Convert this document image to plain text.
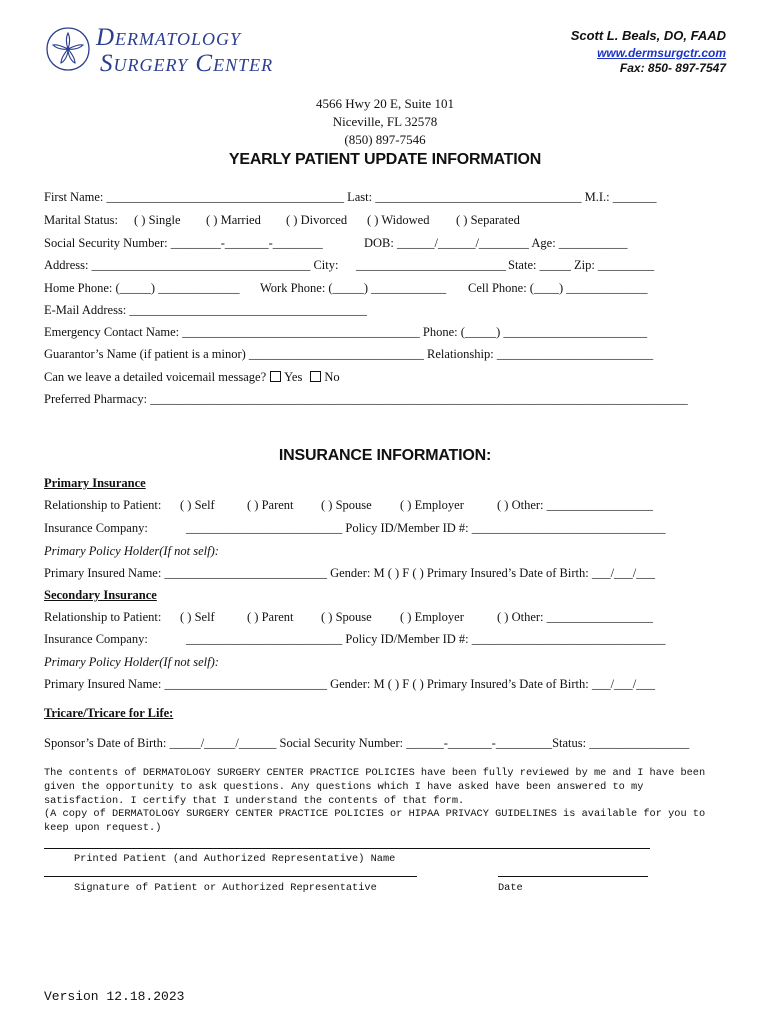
Dermatology
Surgery Center
Scott L. Beals, DO, FAAD
www.dermsurgctr.com
Fax: 850- 897-7547
4566 Hwy 20 E, Suite 101
Niceville, FL 32578
(850) 897-7546
YEARLY PATIENT UPDATE INFORMATION
First Name: ______________________________________ Last: _________________________________ M.I.: _______
Marital Status: ( ) Single ( ) Married ( ) Divorced ( ) Widowed ( ) Separated
Social Security Number: ________-_______-________	DOB: ______/______/________ Age: ___________
Address: ___________________________________ City: ________________________ State: _____ Zip: _________
Home Phone: (_____) _____________ Work Phone: (_____) ____________ Cell Phone: (____) _____________
E-Mail Address: ______________________________________
Emergency Contact Name: ______________________________________ Phone: (_____) _______________________
Guarantor’s Name (if patient is a minor) ____________________________ Relationship: _________________________
Can we leave a detailed voicemail message? Yes No
Preferred Pharmacy: ______________________________________________________________________________________
INSURANCE INFORMATION:
Primary Insurance
Relationship to Patient: ( ) Self	( ) Parent ( ) Spouse ( ) Employer	( ) Other: _________________
Insurance Company:	_________________________ Policy ID/Member ID #: _______________________________
Primary Policy Holder(If not self):
Primary Insured Name: __________________________ Gender: M ( ) F ( ) Primary Insured’s Date of Birth: ___/___/___
Secondary Insurance
Relationship to Patient: ( ) Self	( ) Parent ( ) Spouse ( ) Employer	( ) Other: _________________
Insurance Company:	_________________________ Policy ID/Member ID #: _______________________________
Primary Policy Holder(If not self):
Primary Insured Name: __________________________ Gender: M ( ) F ( ) Primary Insured’s Date of Birth: ___/___/___
Tricare/Tricare for Life:
Sponsor’s Date of Birth: _____/_____/______ Social Security Number: ______-_______-_________Status: ________________
The contents of DERMATOLOGY SURGERY CENTER PRACTICE POLICIES have been fully reviewed by me and I have been given the opportunity to ask questions. Any questions which I have asked have been answered to my satisfaction. I certify that I understand the contents of that form.
(A copy of DERMATOLOGY SURGERY CENTER PRACTICE POLICIES or HIPAA PRIVACY GUIDELINES is available for you to keep upon request.)
Printed Patient (and Authorized Representative) Name
Signature of Patient or Authorized Representative	Date
Version 12.18.2023
